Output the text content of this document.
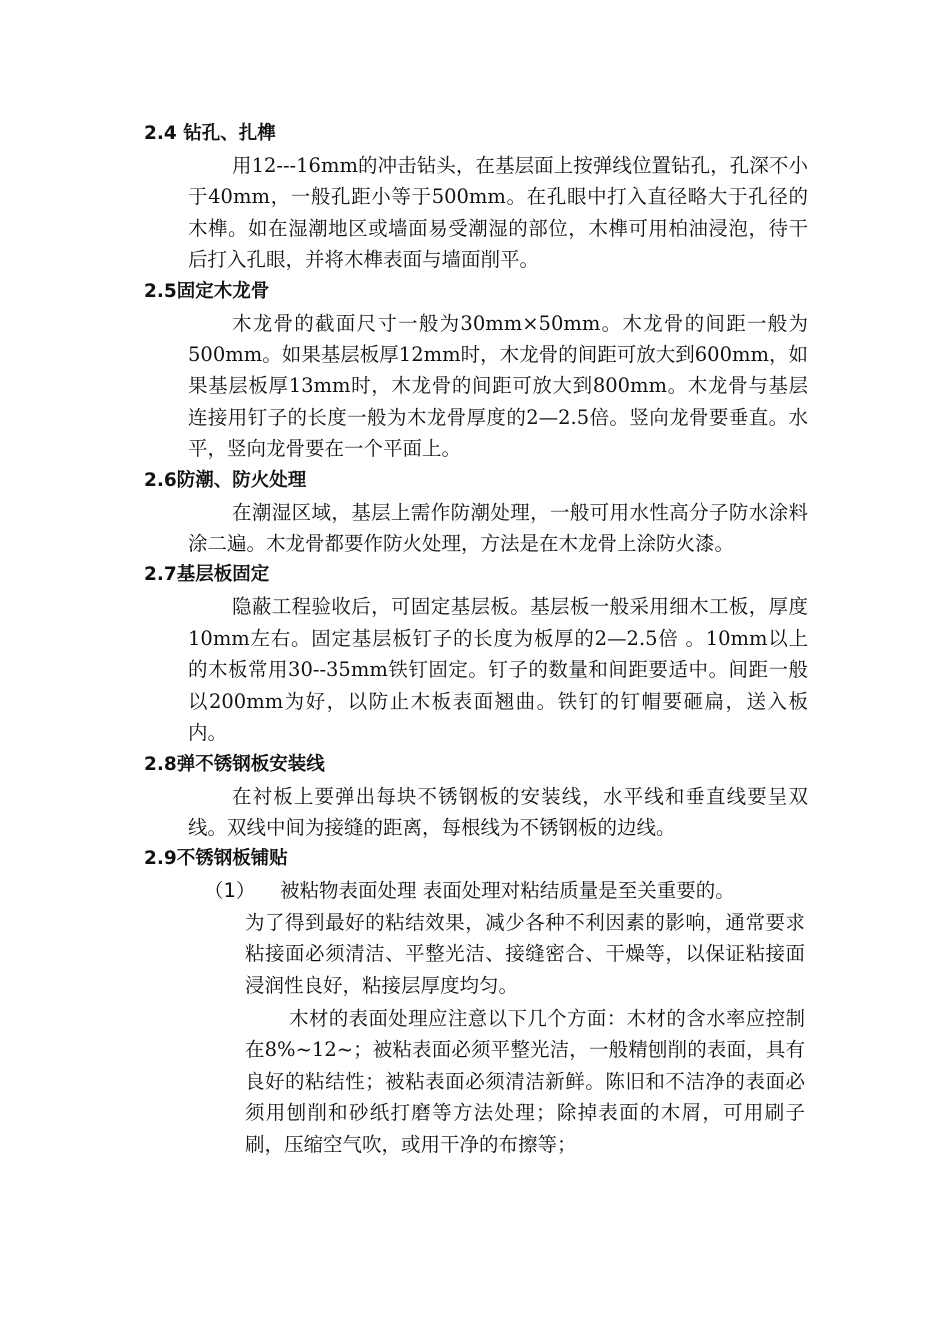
2.4 钻孔、扎榫

用12---16mm的冲击钻头，在基层面上按弹线位置钻孔，孔深不小于40mm，一般孔距小等于500mm。在孔眼中打入直径略大于孔径的木榫。如在湿潮地区或墙面易受潮湿的部位，木榫可用柏油浸泡，待干后打入孔眼，并将木榫表面与墙面削平。

2.5固定木龙骨

木龙骨的截面尺寸一般为30mm×50mm。木龙骨的间距一般为500mm。如果基层板厚12mm时，木龙骨的间距可放大到600mm，如果基层板厚13mm时，木龙骨的间距可放大到800mm。木龙骨与基层连接用钉子的长度一般为木龙骨厚度的2—2.5倍。竖向龙骨要垂直。水平，竖向龙骨要在一个平面上。

2.6防潮、防火处理

在潮湿区域，基层上需作防潮处理，一般可用水性高分子防水涂料涂二遍。木龙骨都要作防火处理，方法是在木龙骨上涂防火漆。

2.7基层板固定

隐蔽工程验收后，可固定基层板。基层板一般采用细木工板，厚度10mm左右。固定基层板钉子的长度为板厚的2—2.5倍 。10mm以上的木板常用30--35mm铁钉固定。钉子的数量和间距要适中。间距一般以200mm为好，以防止木板表面翘曲。铁钉的钉帽要砸扁，送入板内。

2.8弹不锈钢板安装线

在衬板上要弹出每块不锈钢板的安装线，水平线和垂直线要呈双线。双线中间为接缝的距离，每根线为不锈钢板的边线。

2.9不锈钢板铺贴

（1） 被粘物表面处理 表面处理对粘结质量是至关重要的。

为了得到最好的粘结效果，减少各种不利因素的影响，通常要求粘接面必须清洁、平整光洁、接缝密合、干燥等，以保证粘接面浸润性良好，粘接层厚度均匀。

木材的表面处理应注意以下几个方面：木材的含水率应控制在8%~12~；被粘表面必须平整光洁，一般精刨削的表面，具有良好的粘结性；被粘表面必须清洁新鲜。陈旧和不洁净的表面必须用刨削和砂纸打磨等方法处理；除掉表面的木屑，可用刷子刷，压缩空气吹，或用干净的布擦等；
